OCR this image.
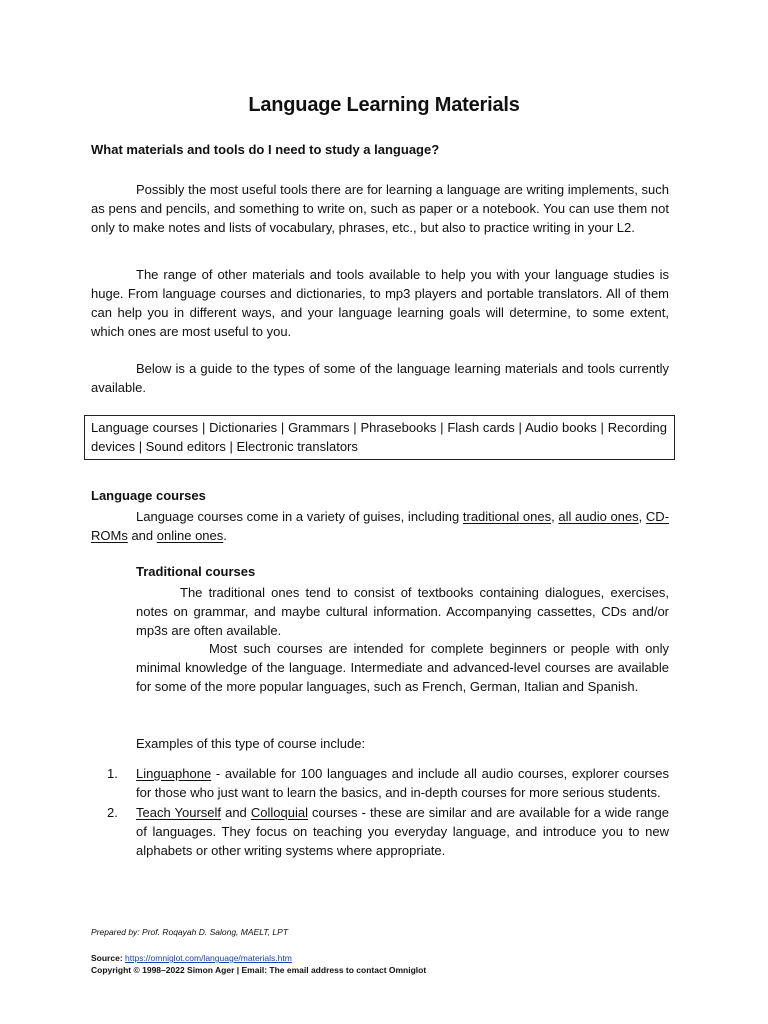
Language Learning Materials
What materials and tools do I need to study a language?
Possibly the most useful tools there are for learning a language are writing implements, such as pens and pencils, and something to write on, such as paper or a notebook. You can use them not only to make notes and lists of vocabulary, phrases, etc., but also to practice writing in your L2.
The range of other materials and tools available to help you with your language studies is huge. From language courses and dictionaries, to mp3 players and portable translators. All of them can help you in different ways, and your language learning goals will determine, to some extent, which ones are most useful to you.
Below is a guide to the types of some of the language learning materials and tools currently available.
Language courses | Dictionaries | Grammars | Phrasebooks | Flash cards | Audio books | Recording devices | Sound editors | Electronic translators
Language courses
Language courses come in a variety of guises, including traditional ones, all audio ones, CD-ROMs and online ones.
Traditional courses
The traditional ones tend to consist of textbooks containing dialogues, exercises, notes on grammar, and maybe cultural information. Accompanying cassettes, CDs and/or mp3s are often available.
Most such courses are intended for complete beginners or people with only minimal knowledge of the language. Intermediate and advanced-level courses are available for some of the more popular languages, such as French, German, Italian and Spanish.
Examples of this type of course include:
1. Linguaphone - available for 100 languages and include all audio courses, explorer courses for those who just want to learn the basics, and in-depth courses for more serious students.
2. Teach Yourself and Colloquial courses - these are similar and are available for a wide range of languages. They focus on teaching you everyday language, and introduce you to new alphabets or other writing systems where appropriate.
Prepared by: Prof. Roqayah D. Salong, MAELT, LPT
Source: https://omniglot.com/language/materials.htm
Copyright © 1998–2022 Simon Ager | Email: The email address to contact Omniglot
